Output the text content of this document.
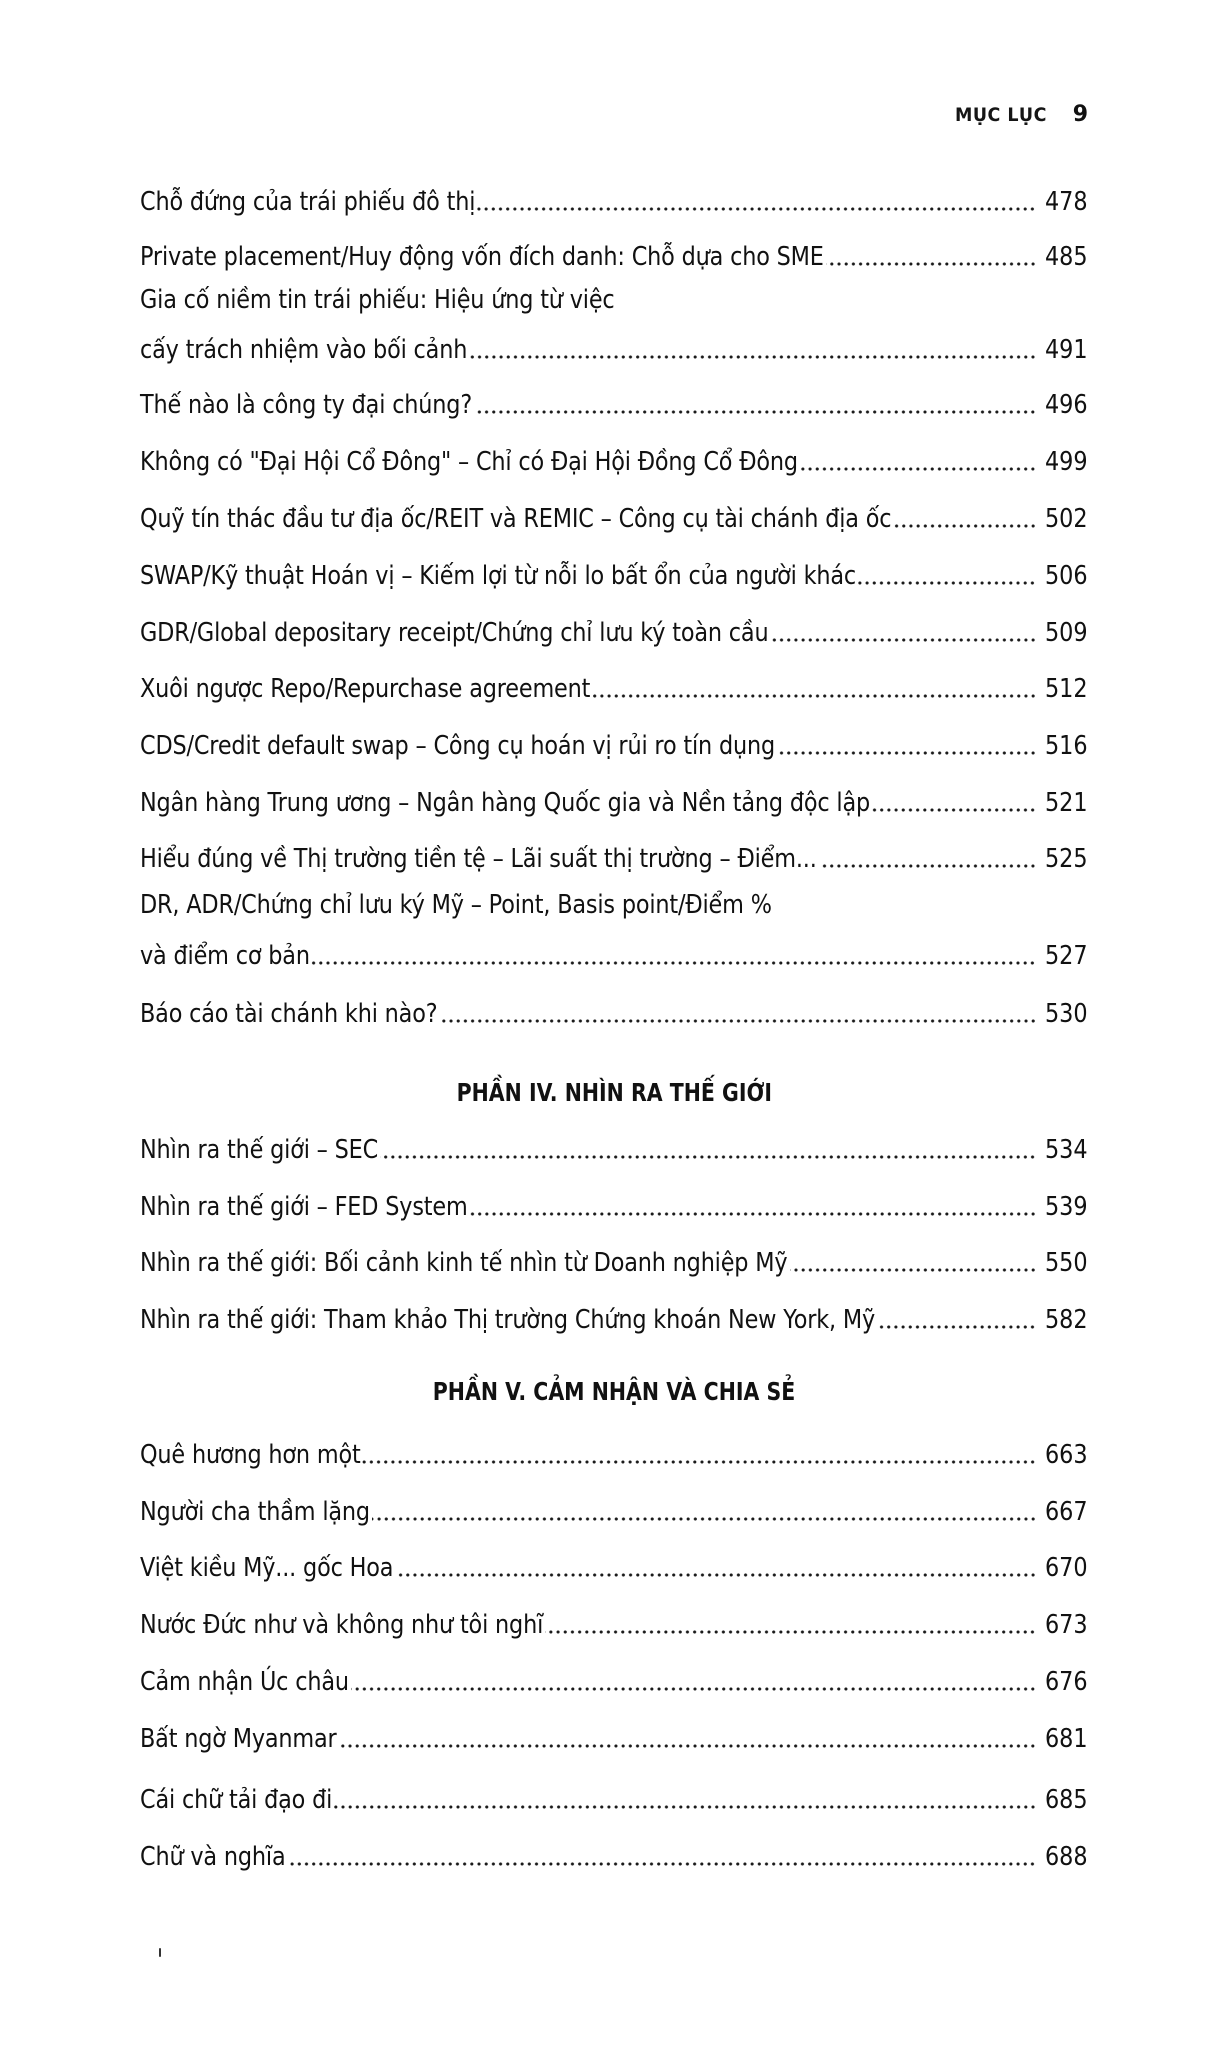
MỤC LỤC 9
Chỗ đứng của trái phiếu đô thị	478
Private placement/Huy động vốn đích danh: Chỗ dựa cho SME	485
Gia cố niềm tin trái phiếu: Hiệu ứng từ việc
cấy trách nhiệm vào bối cảnh	491
Thế nào là công ty đại chúng?	496
Không có "Đại Hội Cổ Đông" – Chỉ có Đại Hội Đồng Cổ Đông	499
Quỹ tín thác đầu tư địa ốc/REIT và REMIC – Công cụ tài chánh địa ốc	502
SWAP/Kỹ thuật Hoán vị – Kiếm lợi từ nỗi lo bất ổn của người khác	506
GDR/Global depositary receipt/Chứng chỉ lưu ký toàn cầu	509
Xuôi ngược Repo/Repurchase agreement	512
CDS/Credit default swap – Công cụ hoán vị rủi ro tín dụng	516
Ngân hàng Trung ương – Ngân hàng Quốc gia và Nền tảng độc lập	521
Hiểu đúng về Thị trường tiền tệ – Lãi suất thị trường – Điểm...	525
DR, ADR/Chứng chỉ lưu ký Mỹ – Point, Basis point/Điểm %
và điểm cơ bản	527
Báo cáo tài chánh khi nào?	530
PHẦN IV. NHÌN RA THẾ GIỚI
Nhìn ra thế giới – SEC	534
Nhìn ra thế giới – FED System	539
Nhìn ra thế giới: Bối cảnh kinh tế nhìn từ Doanh nghiệp Mỹ	550
Nhìn ra thế giới: Tham khảo Thị trường Chứng khoán New York, Mỹ	582
PHẦN V. CẢM NHẬN VÀ CHIA SẺ
Quê hương hơn một	663
Người cha thầm lặng	667
Việt kiều Mỹ... gốc Hoa	670
Nước Đức như và không như tôi nghĩ	673
Cảm nhận Úc châu	676
Bất ngờ Myanmar	681
Cái chữ tải đạo đi	685
Chữ và nghĩa	688
